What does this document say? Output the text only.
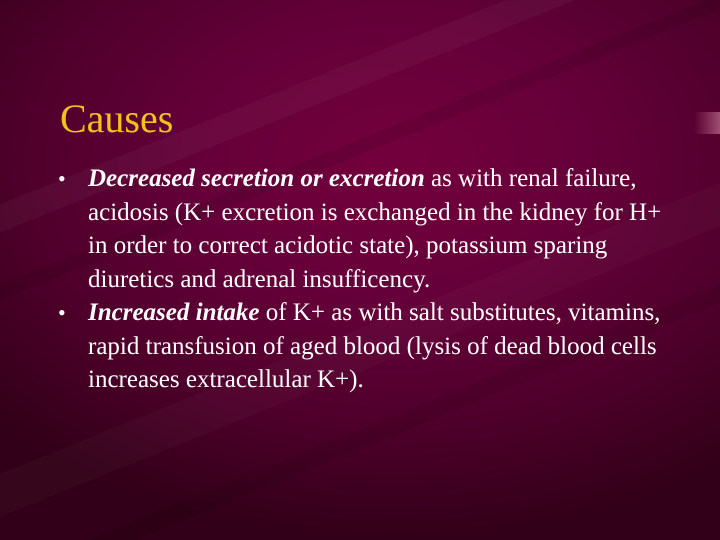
Causes
• Decreased secretion or excretion as with renal failure, acidosis (K+ excretion is exchanged in the kidney for H+ in order to correct acidotic state), potassium sparing diuretics and adrenal insufficency.
• Increased intake of K+ as with salt substitutes, vitamins, rapid transfusion of aged blood (lysis of dead blood cells increases extracellular K+).
